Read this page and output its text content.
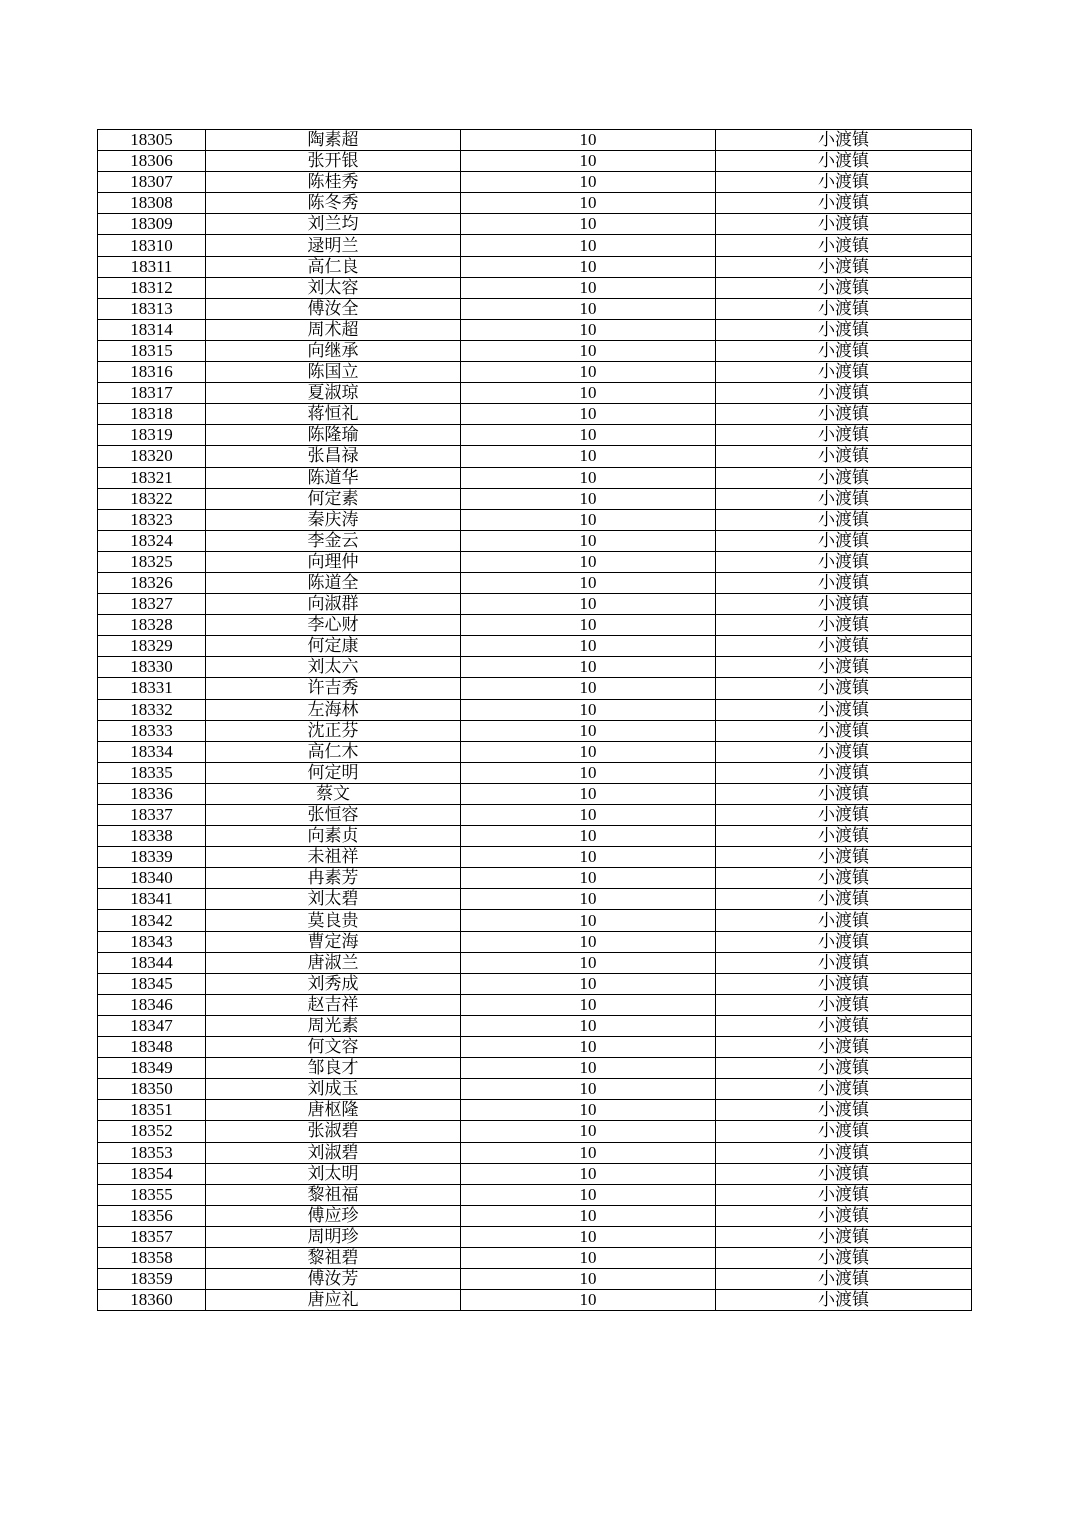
18305	陶素超	10	小渡镇
18306	张开银	10	小渡镇
18307	陈桂秀	10	小渡镇
18308	陈冬秀	10	小渡镇
18309	刘兰均	10	小渡镇
18310	逯明兰	10	小渡镇
18311	高仁良	10	小渡镇
18312	刘太容	10	小渡镇
18313	傅汝全	10	小渡镇
18314	周术超	10	小渡镇
18315	向继承	10	小渡镇
18316	陈国立	10	小渡镇
18317	夏淑琼	10	小渡镇
18318	蒋恒礼	10	小渡镇
18319	陈隆瑜	10	小渡镇
18320	张昌禄	10	小渡镇
18321	陈道华	10	小渡镇
18322	何定素	10	小渡镇
18323	秦庆涛	10	小渡镇
18324	李金云	10	小渡镇
18325	向理仲	10	小渡镇
18326	陈道全	10	小渡镇
18327	向淑群	10	小渡镇
18328	李心财	10	小渡镇
18329	何定康	10	小渡镇
18330	刘太六	10	小渡镇
18331	许吉秀	10	小渡镇
18332	左海林	10	小渡镇
18333	沈正芬	10	小渡镇
18334	高仁木	10	小渡镇
18335	何定明	10	小渡镇
18336	蔡文	10	小渡镇
18337	张恒容	10	小渡镇
18338	向素贞	10	小渡镇
18339	未祖祥	10	小渡镇
18340	冉素芳	10	小渡镇
18341	刘太碧	10	小渡镇
18342	莫良贵	10	小渡镇
18343	曹定海	10	小渡镇
18344	唐淑兰	10	小渡镇
18345	刘秀成	10	小渡镇
18346	赵吉祥	10	小渡镇
18347	周光素	10	小渡镇
18348	何文容	10	小渡镇
18349	邹良才	10	小渡镇
18350	刘成玉	10	小渡镇
18351	唐枢隆	10	小渡镇
18352	张淑碧	10	小渡镇
18353	刘淑碧	10	小渡镇
18354	刘太明	10	小渡镇
18355	黎祖福	10	小渡镇
18356	傅应珍	10	小渡镇
18357	周明珍	10	小渡镇
18358	黎祖碧	10	小渡镇
18359	傅汝芳	10	小渡镇
18360	唐应礼	10	小渡镇
